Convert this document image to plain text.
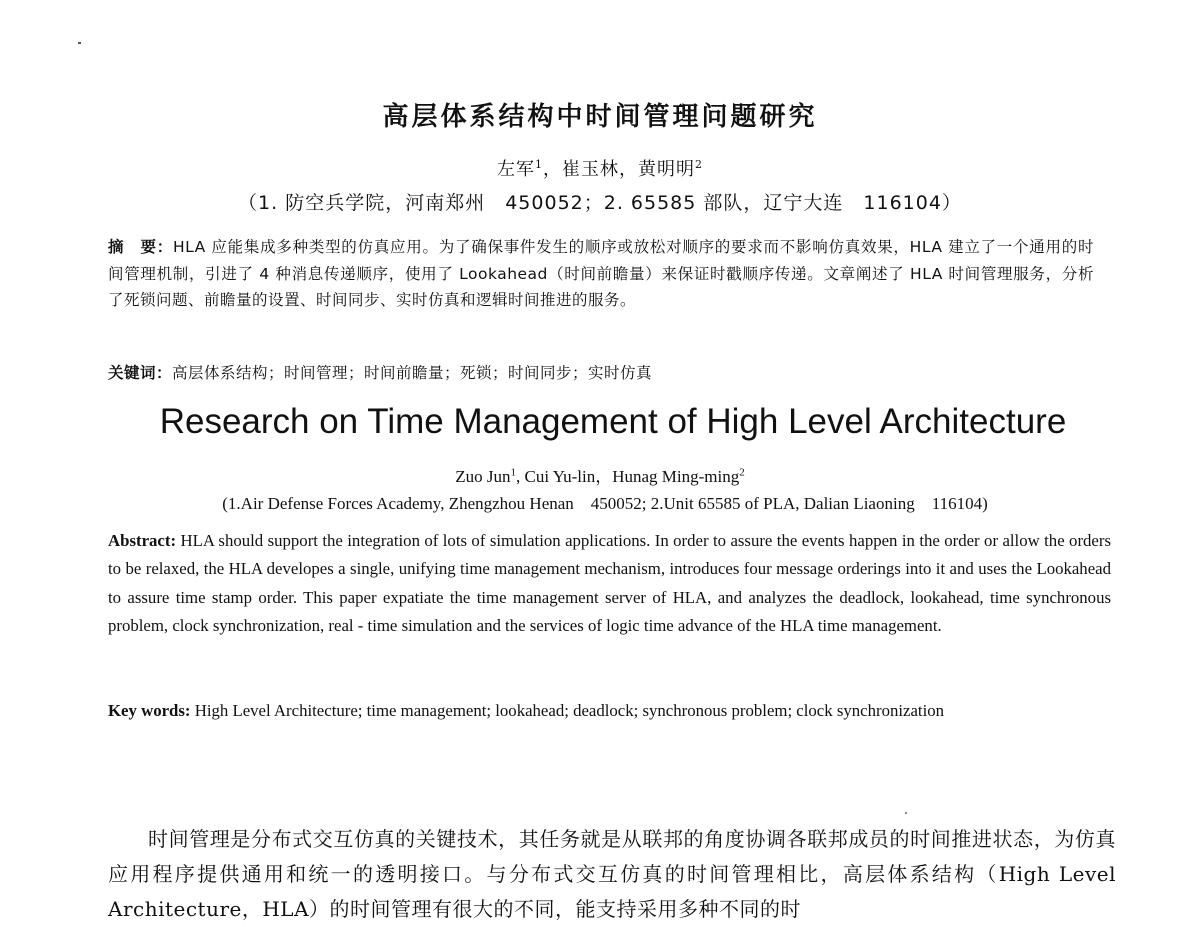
高层体系结构中时间管理问题研究
左军$^1$，崔玉林，黄明明$^2$
（1. 防空兵学院，河南郑州　450052；2. 65585 部队，辽宁大连　116104）
摘　要：HLA 应能集成多种类型的仿真应用。为了确保事件发生的顺序或放松对顺序的要求而不影响仿真效果，HLA 建立了一个通用的时间管理机制，引进了 4 种消息传递顺序，使用了 Lookahead（时间前瞻量）来保证时戳顺序传递。文章阐述了 HLA 时间管理服务，分析了死锁问题、前瞻量的设置、时间同步、实时仿真和逻辑时间推进的服务。
关键词：高层体系结构；时间管理；时间前瞻量；死锁；时间同步；实时仿真
Research on Time Management of High Level Architecture
Zuo Jun$^1$, Cui Yu-lin，Hunag Ming-ming$^2$
(1.Air Defense Forces Academy, Zhengzhou Henan　450052; 2.Unit 65585 of PLA, Dalian Liaoning　116104)
Abstract: HLA should support the integration of lots of simulation applications. In order to assure the events happen in the order or allow the orders to be relaxed, the HLA developes a single, unifying time management mechanism, introduces four message orderings into it and uses the Lookahead to assure time stamp order. This paper expatiate the time management server of HLA, and analyzes the deadlock, lookahead, time synchronous problem, clock synchronization, real - time simulation and the services of logic time advance of the HLA time management.
Key words: High Level Architecture; time management; lookahead; deadlock; synchronous problem; clock synchronization
时间管理是分布式交互仿真的关键技术，其任务就是从联邦的角度协调各联邦成员的时间推进状态，为仿真应用程序提供通用和统一的透明接口。与分布式交互仿真的时间管理相比，高层体系结构（High Level Architecture，HLA）的时间管理有很大的不同，能支持采用多种不同的时
